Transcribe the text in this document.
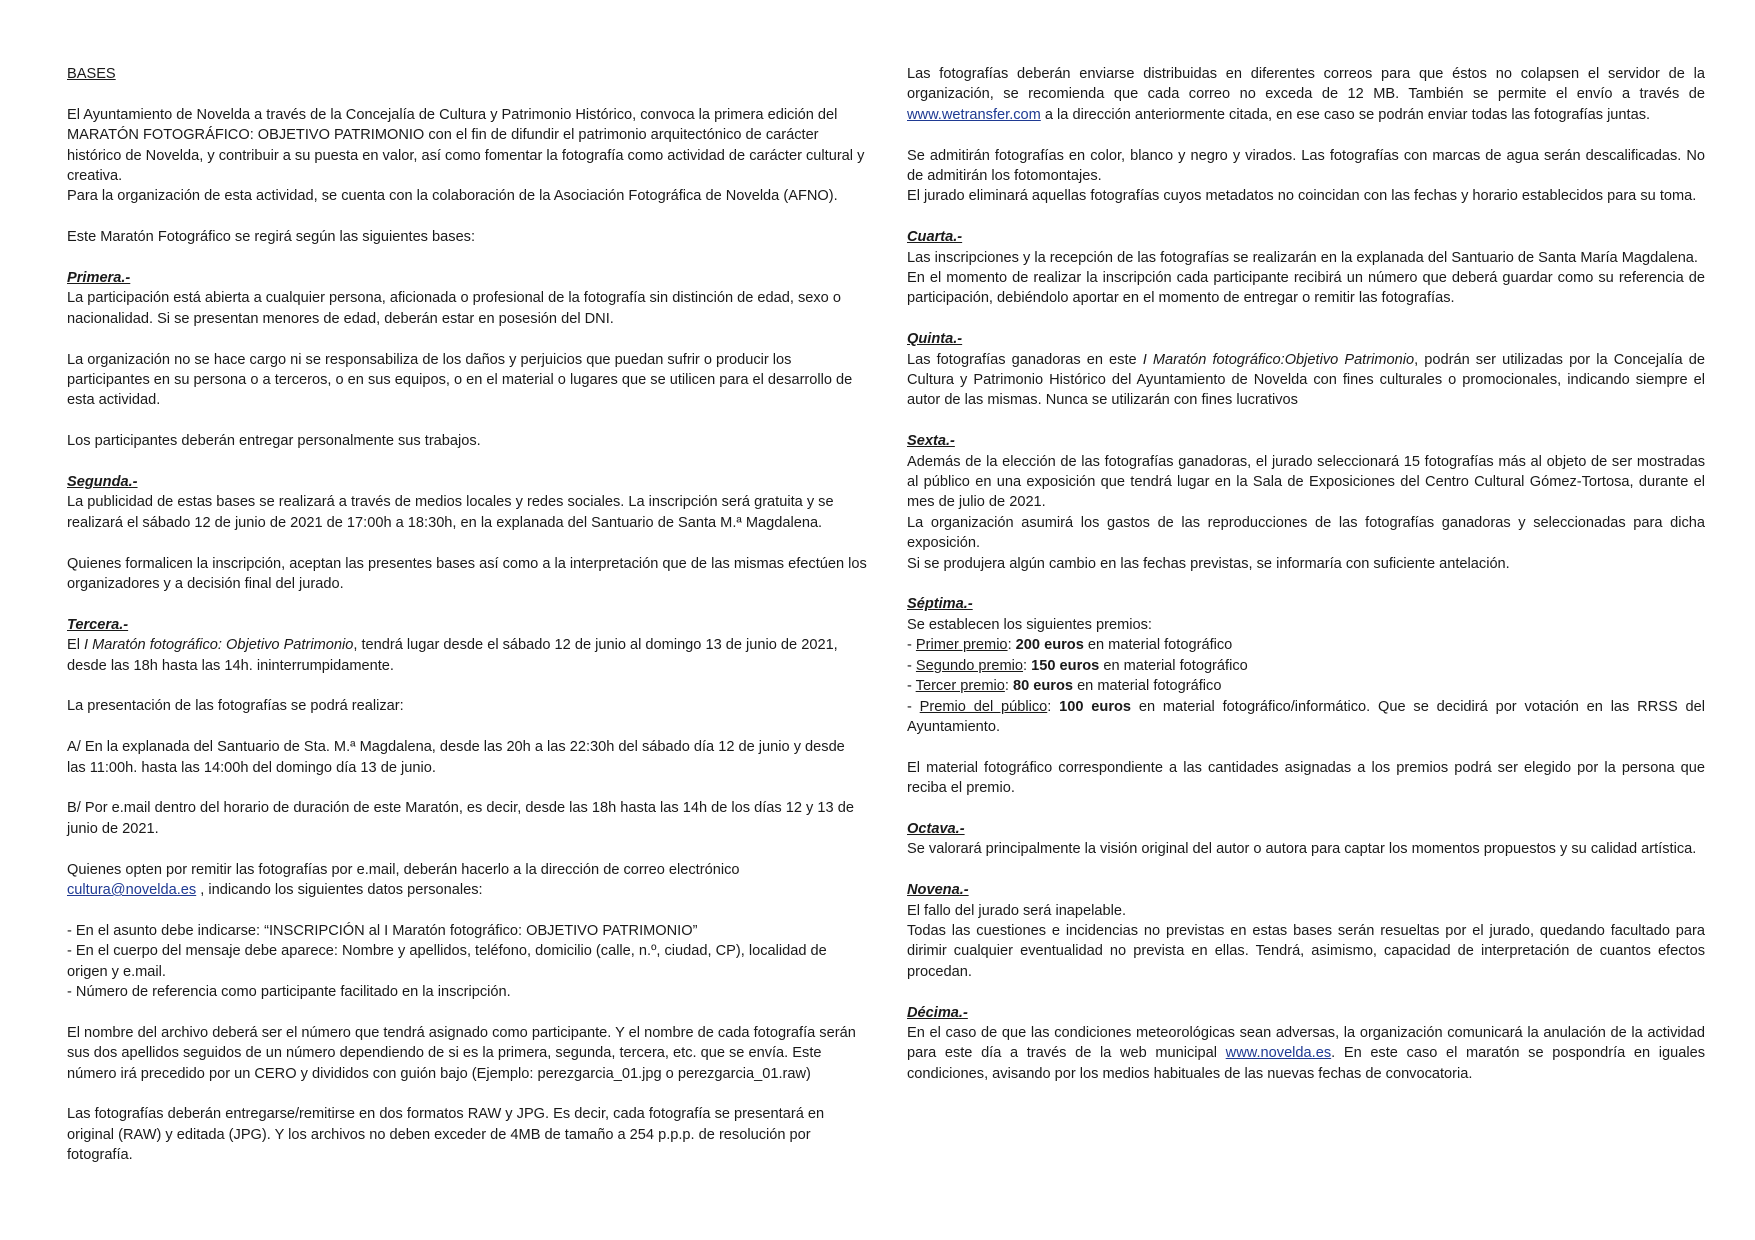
BASES

El Ayuntamiento de Novelda a través de la Concejalía de Cultura y Patrimonio Histórico, convoca la primera edición del MARATÓN FOTOGRÁFICO: OBJETIVO PATRIMONIO con el fin de difundir el patrimonio arquitectónico de carácter histórico de Novelda, y contribuir a su puesta en valor, así como fomentar la fotografía como actividad de carácter cultural y creativa.

Para la organización de esta actividad, se cuenta con la colaboración de la Asociación Fotográfica de Novelda (AFNO).

Este Maratón Fotográfico se regirá según las siguientes bases:

Primera.-

La participación está abierta a cualquier persona, aficionada o profesional de la fotografía sin distinción de edad, sexo o nacionalidad. Si se presentan menores de edad, deberán estar en posesión del DNI.

La organización no se hace cargo ni se responsabiliza de los daños y perjuicios que puedan sufrir o producir los participantes en su persona o a terceros, o en sus equipos, o en el material o lugares que se utilicen para el desarrollo de esta actividad.

Los participantes deberán entregar personalmente sus trabajos.

Segunda.-

La publicidad de estas bases se realizará a través de medios locales y redes sociales. La inscripción será gratuita y se realizará el sábado 12 de junio de 2021 de 17:00h a 18:30h, en la explanada del Santuario de Santa M.ª Magdalena.

Quienes formalicen la inscripción, aceptan las presentes bases así como a la interpretación que de las mismas efectúen los organizadores y a decisión final del jurado.

Tercera.-

El I Maratón fotográfico: Objetivo Patrimonio, tendrá lugar desde el sábado 12 de junio al domingo 13 de junio de 2021, desde las 18h hasta las 14h. ininterrumpidamente.

La presentación de las fotografías se podrá realizar:

A/ En la explanada del Santuario de Sta. M.ª Magdalena, desde las 20h a las 22:30h del sábado día 12 de junio y desde las 11:00h. hasta las 14:00h del domingo día 13 de junio.

B/ Por e.mail dentro del horario de duración de este Maratón, es decir, desde las 18h hasta las 14h de los días 12 y 13 de junio de 2021.

Quienes opten por remitir las fotografías por e.mail, deberán hacerlo a la dirección de correo electrónico
cultura@novelda.es , indicando los siguientes datos personales:

- En el asunto debe indicarse: “INSCRIPCIÓN al I Maratón fotográfico: OBJETIVO PATRIMONIO”

- En el cuerpo del mensaje debe aparece: Nombre y apellidos, teléfono, domicilio (calle, n.º, ciudad, CP), localidad de origen y e.mail.

- Número de referencia como participante facilitado en la inscripción.

El nombre del archivo deberá ser el número que tendrá asignado como participante. Y el nombre de cada fotografía serán sus dos apellidos seguidos de un número dependiendo de si es la primera, segunda, tercera, etc. que se envía. Este número irá precedido por un CERO y divididos con guión bajo (Ejemplo: perezgarcia_01.jpg o perezgarcia_01.raw)

Las fotografías deberán entregarse/remitirse en dos formatos RAW y JPG. Es decir, cada fotografía se presentará en original (RAW) y editada (JPG). Y los archivos no deben exceder de 4MB de tamaño a 254 p.p.p. de resolución por fotografía.

Las fotografías deberán enviarse distribuidas en diferentes correos para que éstos no colapsen el servidor de la organización, se recomienda que cada correo no exceda de 12 MB. También se permite el envío a través de www.wetransfer.com a la dirección anteriormente citada, en ese caso se podrán enviar todas las fotografías juntas.

Se admitirán fotografías en color, blanco y negro y virados. Las fotografías con marcas de agua serán descalificadas. No de admitirán los fotomontajes.

El jurado eliminará aquellas fotografías cuyos metadatos no coincidan con las fechas y horario establecidos para su toma.

Cuarta.-

Las inscripciones y la recepción de las fotografías se realizarán en la explanada del Santuario de Santa María Magdalena.

En el momento de realizar la inscripción cada participante recibirá un número que deberá guardar como su referencia de participación, debiéndolo aportar en el momento de entregar o remitir las fotografías.

Quinta.-

Las fotografías ganadoras en este I Maratón fotográfico:Objetivo Patrimonio, podrán ser utilizadas por la Concejalía de Cultura y Patrimonio Histórico del Ayuntamiento de Novelda con fines culturales o promocionales, indicando siempre el autor de las mismas. Nunca se utilizarán con fines lucrativos

Sexta.-

Además de la elección de las fotografías ganadoras, el jurado seleccionará 15 fotografías más al objeto de ser mostradas al público en una exposición que tendrá lugar en la Sala de Exposiciones del Centro Cultural Gómez-Tortosa, durante el mes de julio de 2021.

La organización asumirá los gastos de las reproducciones de las fotografías ganadoras y seleccionadas para dicha exposición.

Si se produjera algún cambio en las fechas previstas, se informaría con suficiente antelación.

Séptima.-

Se establecen los siguientes premios:

- Primer premio: 200 euros en material fotográfico

- Segundo premio: 150 euros en material fotográfico

- Tercer premio: 80 euros en material fotográfico

- Premio del público: 100 euros en material fotográfico/informático. Que se decidirá por votación en las RRSS del Ayuntamiento.

El material fotográfico correspondiente a las cantidades asignadas a los premios podrá ser elegido por la persona que reciba el premio.

Octava.-

Se valorará principalmente la visión original del autor o autora para captar los momentos propuestos y su calidad artística.

Novena.-

El fallo del jurado será inapelable.

Todas las cuestiones e incidencias no previstas en estas bases serán resueltas por el jurado, quedando facultado para dirimir cualquier eventualidad no prevista en ellas. Tendrá, asimismo, capacidad de interpretación de cuantos efectos procedan.

Décima.-

En el caso de que las condiciones meteorológicas sean adversas, la organización comunicará la anulación de la actividad para este día a través de la web municipal www.novelda.es. En este caso el maratón se pospondría en iguales condiciones, avisando por los medios habituales de las nuevas fechas de convocatoria.
